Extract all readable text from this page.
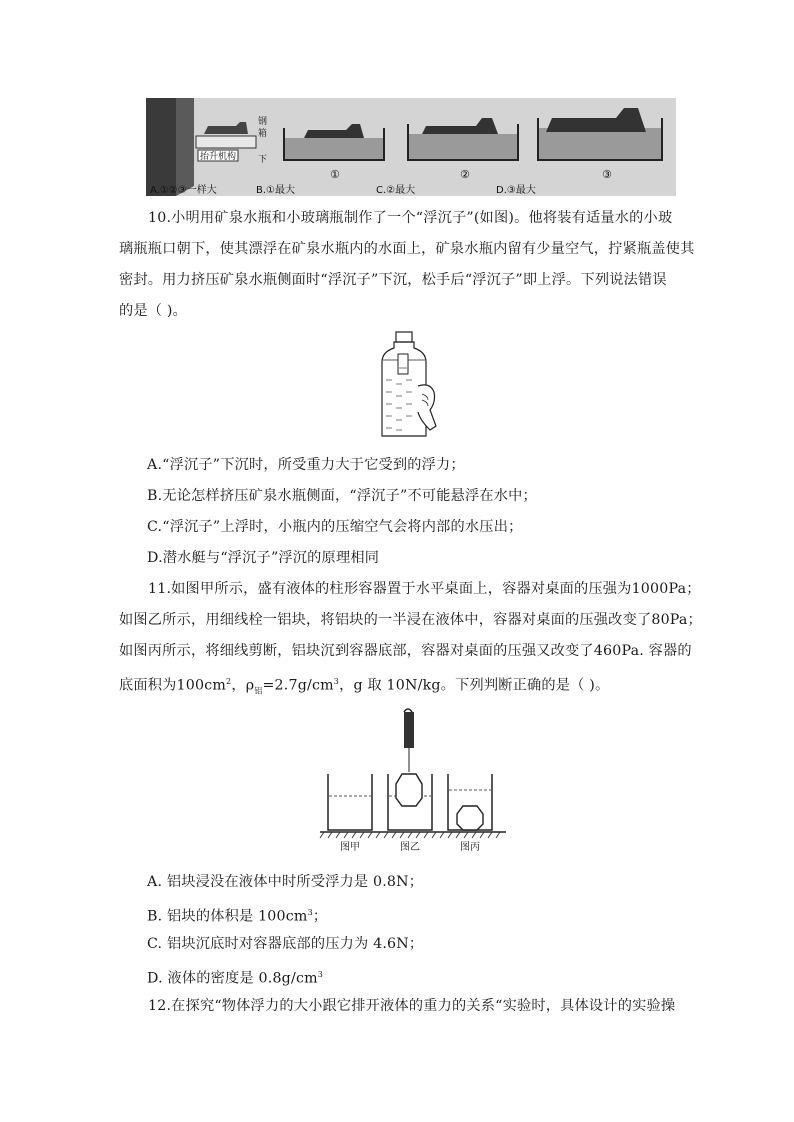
抬升机构
钢
箱
下
①	②	③
A.①②③一样大	B.①最大	C.②最大	D.③最大
10.小明用矿泉水瓶和小玻璃瓶制作了一个“浮沉子”(如图)。他将装有适量水的小玻
璃瓶瓶口朝下，使其漂浮在矿泉水瓶内的水面上，矿泉水瓶内留有少量空气，拧紧瓶盖使其
密封。用力挤压矿泉水瓶侧面时“浮沉子”下沉，松手后“浮沉子”即上浮。下列说法错误
的是（ )。
A.“浮沉子”下沉时，所受重力大于它受到的浮力；
B.无论怎样挤压矿泉水瓶侧面，“浮沉子”不可能悬浮在水中；
C.“浮沉子”上浮时，小瓶内的压缩空气会将内部的水压出；
D.潜水艇与“浮沉子”浮沉的原理相同
11.如图甲所示，盛有液体的柱形容器置于水平桌面上，容器对桌面的压强为1000Pa；
如图乙所示，用细线栓一铝块，将铝块的一半浸在液体中，容器对桌面的压强改变了80Pa；
如图丙所示，将细线剪断，铝块沉到容器底部，容器对桌面的压强又改变了460Pa. 容器的
底面积为$100cm^2$，$\rho_铝=2.7g/cm^3$，g 取 10N/kg。下列判断正确的是（ )。
图甲	图乙	图丙
A. 铝块浸没在液体中时所受浮力是 0.8N；
B. 铝块的体积是 $100cm^3$；
C. 铝块沉底时对容器底部的压力为 4.6N；
D. 液体的密度是 $0.8g/cm^3$
12.在探究“物体浮力的大小跟它排开液体的重力的关系“实验时，具体设计的实验操
